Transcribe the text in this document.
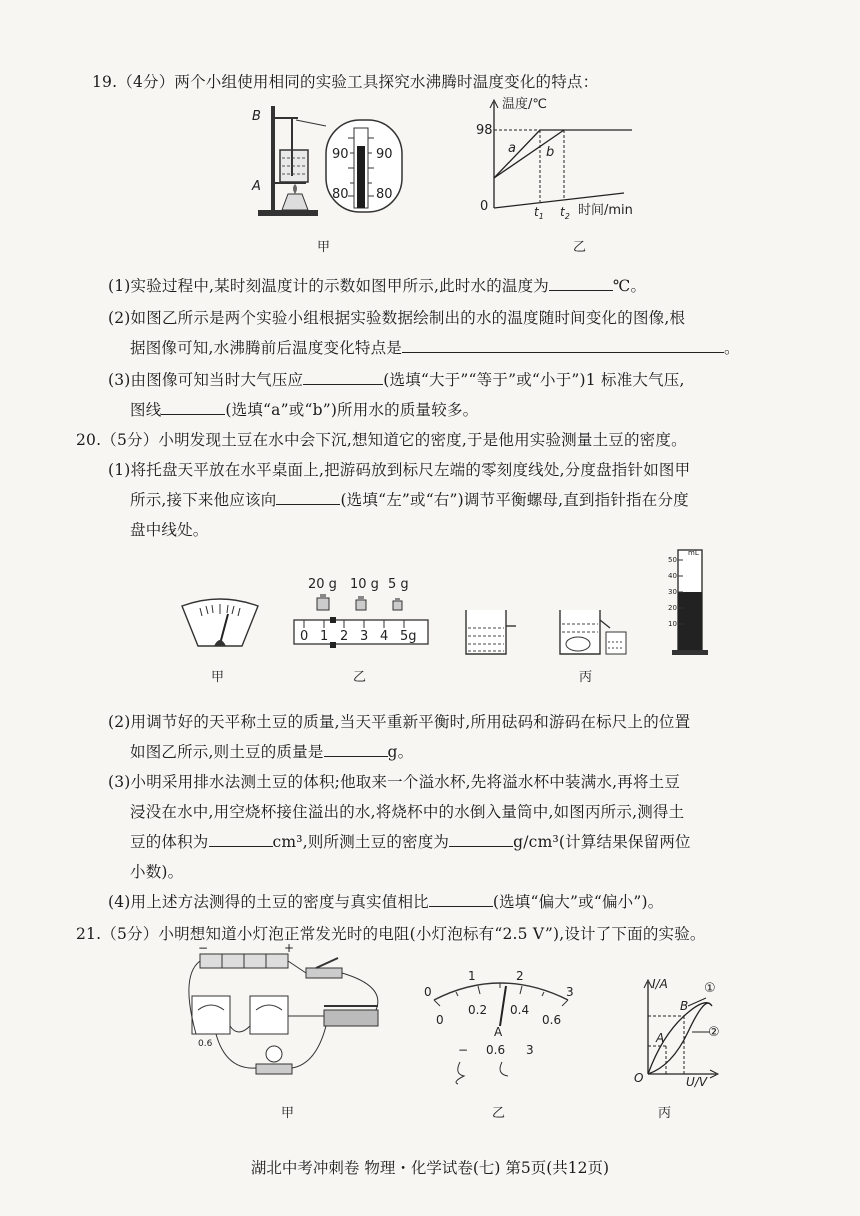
19.（4分）两个小组使用相同的实验工具探究水沸腾时温度变化的特点：
B
A
90 90
80 80
甲
温度/℃
98
0
a b
$t_1$ $t_2$ 时间/min
乙
(1)实验过程中,某时刻温度计的示数如图甲所示,此时水的温度为	℃。
(2)如图乙所示是两个实验小组根据实验数据绘制出的水的温度随时间变化的图像,根
据图像可知,水沸腾前后温度变化特点是	。
(3)由图像可知当时大气压应	(选填“大于”“等于”或“小于”)1 标准大气压,
图线	(选填“a”或“b”)所用水的质量较多。
20.（5分）小明发现土豆在水中会下沉,想知道它的密度,于是他用实验测量土豆的密度。
(1)将托盘天平放在水平桌面上,把游码放到标尺左端的零刻度线处,分度盘指针如图甲
所示,接下来他应该向	(选填“左”或“右”)调节平衡螺母,直到指针指在分度
盘中线处。
甲
20 g 10 g 5 g
0 1 2 3 4 5g
乙	丙
mL
50
40
30
20
10
(2)用调节好的天平称土豆的质量,当天平重新平衡时,所用砝码和游码在标尺上的位置
如图乙所示,则土豆的质量是	g。
(3)小明采用排水法测土豆的体积;他取来一个溢水杯,先将溢水杯中装满水,再将土豆
浸没在水中,用空烧杯接住溢出的水,将烧杯中的水倒入量筒中,如图丙所示,测得土
豆的体积为	cm³,则所测土豆的密度为	g/cm³(计算结果保留两位
小数)。
(4)用上述方法测得的土豆的密度与真实值相比	(选填“偏大”或“偏小”)。
21.（5分）小明想知道小灯泡正常发光时的电阻(小灯泡标有“2.5 V”),设计了下面的实验。
−	+
0.6
甲
0
1	2
3
0
0.2 0.4
0.6
A
− 0.6 3
乙
I/A
U/V
O
A
B
①
②
丙
湖北中考冲刺卷 物理・化学试卷(七) 第5页(共12页)
